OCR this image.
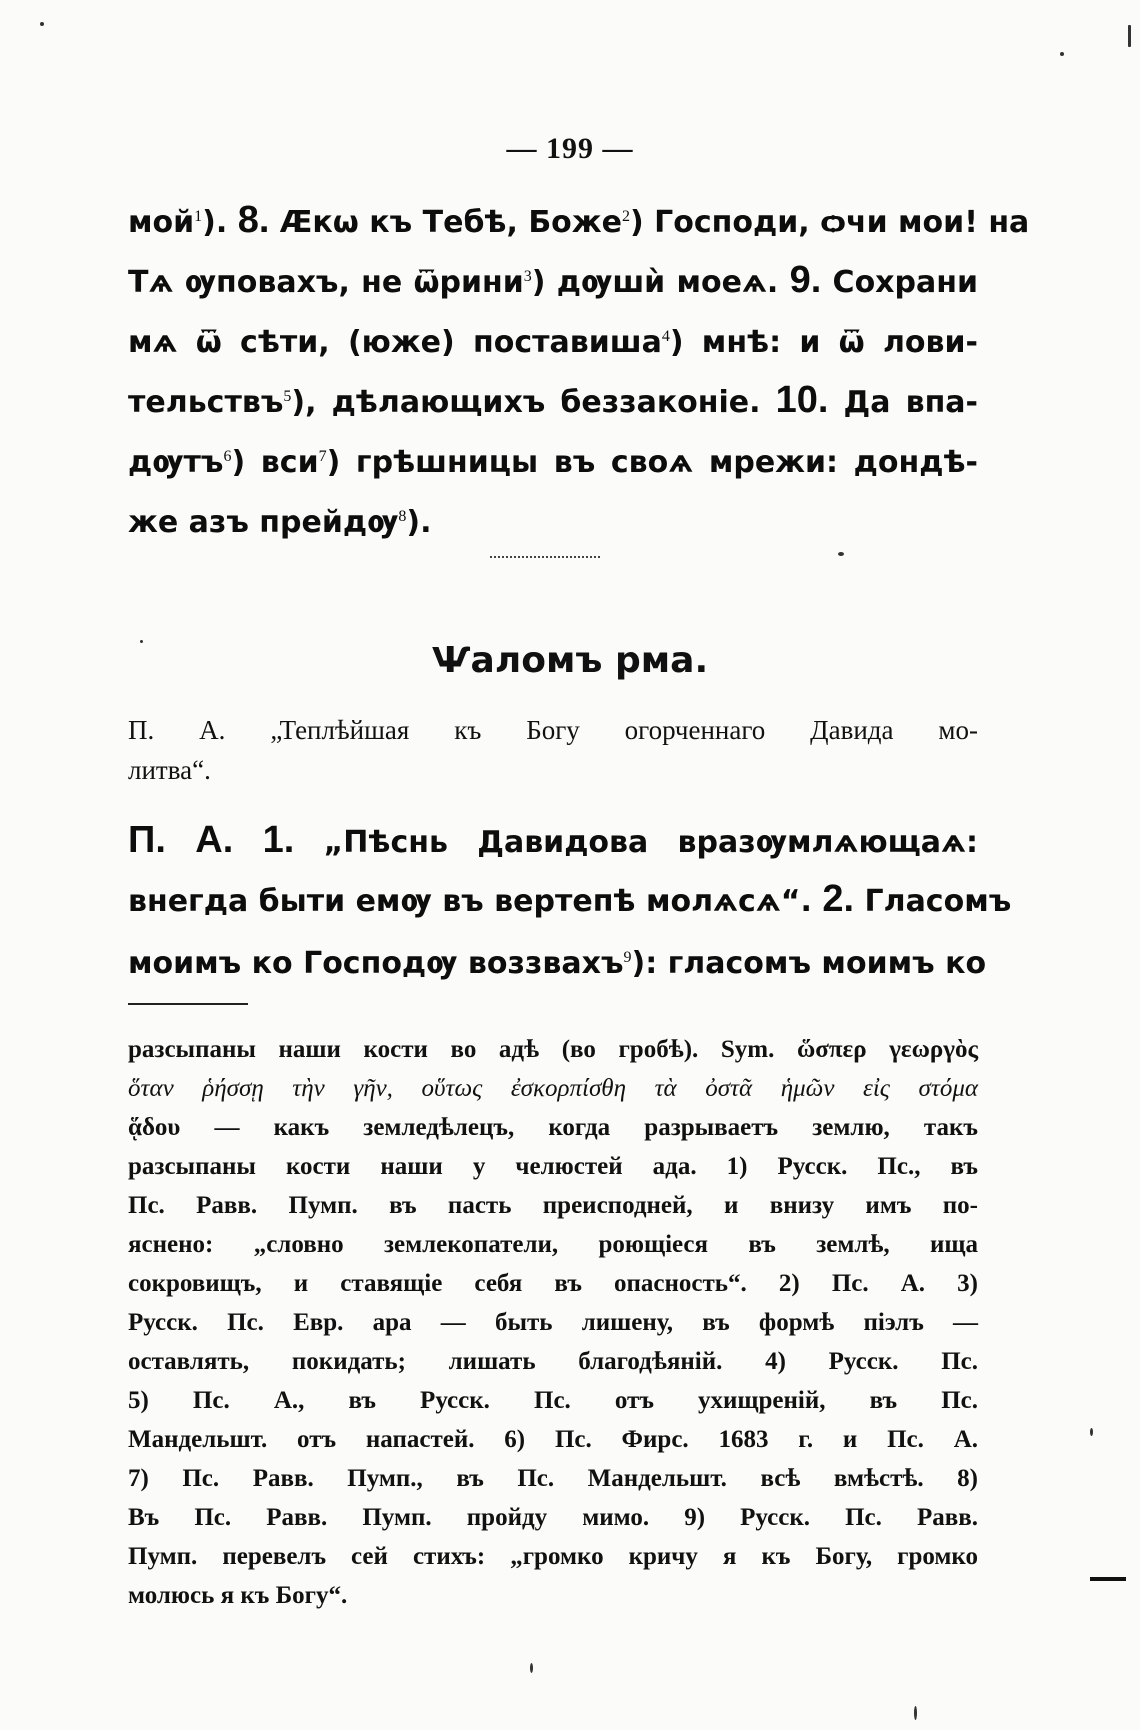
— 199 —
мой$^1$). 8. Ӕкѡ къ Тебѣ, Боже$^2$) Господи, ѻчи мои! на
Тѧ ѹповахъ, не ѿрини$^3$) дѹшѝ моеѧ. 9. Сохрани
мѧ ѿ сѣти, (юже) поставиша$^4$) мнѣ: и ѿ лови-
тельствъ$^5$), дѣлающихъ беззаконiе. 10. Да впа-
дѹтъ$^6$) вси$^7$) грѣшницы въ своѧ мрежи: дондѣ-
же азъ прейдѹ$^8$).
Ѱаломъ рма.
П. А. „Теплѣйшая къ Богу огорченнаго Давида мо-
литва“.
П. А. 1. „Пѣснь Давидова вразѹмлѧющаѧ:
внегда быти емѹ въ вертепѣ молѧсѧ“. 2. Гласомъ
моимъ ко Господѹ воззвахъ$^9$): гласомъ моимъ ко
разсыпаны наши кости во адѣ (во гробѣ). Sym. ὥσπερ γεωργὸς
ὅταν ῥήσσῃ τὴν γῆν, οὕτως ἐσκορπίσθη τὰ ὀστᾶ ἡμῶν εἰς στόμα
ᾅδου — какъ земледѣлецъ, когда разрываетъ землю, такъ
разсыпаны кости наши у челюстей ада. 1) Русск. Пс., въ
Пс. Равв. Пумп. въ пасть преисподней, и внизу имъ по-
яснено: „словно землекопатели, роющiеся въ землѣ, ища
сокровищъ, и ставящiе себя въ опасность“. 2) Пс. А. 3)
Русск. Пс. Евр. ара — быть лишену, въ формѣ пiэлъ —
оставлять, покидать; лишать благодѣянiй. 4) Русск. Пс.
5) Пс. А., въ Русск. Пс. отъ ухищренiй, въ Пс.
Мандельшт. отъ напастей. 6) Пс. Фирс. 1683 г. и Пс. А.
7) Пс. Равв. Пумп., въ Пс. Мандельшт. всѣ вмѣстѣ. 8)
Въ Пс. Равв. Пумп. пройду мимо. 9) Русск. Пс. Равв.
Пумп. перевелъ сей стихъ: „громко кричу я къ Богу, громко
молюсь я къ Богу“.
